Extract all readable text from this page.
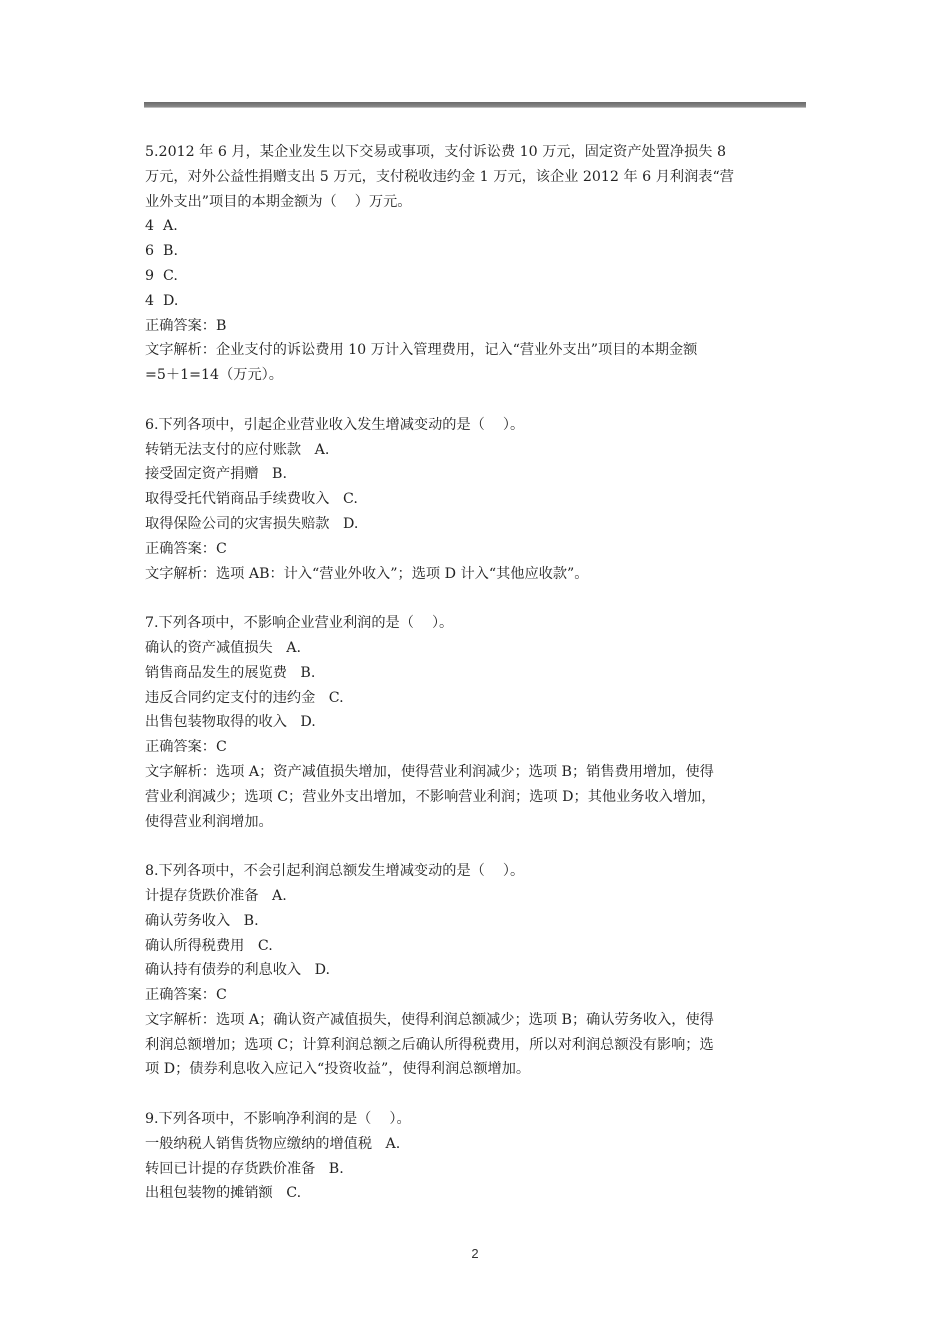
5.2012 年 6 月，某企业发生以下交易或事项，支付诉讼费 10 万元，固定资产处置净损失 8
万元，对外公益性捐赠支出 5 万元，支付税收违约金 1 万元，该企业 2012 年 6 月利润表“营
业外支出”项目的本期金额为（    ）万元。
4  A.
6  B.
9  C.
4  D.
正确答案：B
文字解析：企业支付的诉讼费用 10 万计入管理费用，记入“营业外支出”项目的本期金额
=5＋1=14（万元）。
6.下列各项中，引起企业营业收入发生增减变动的是（    ）。
转销无法支付的应付账款   A.
接受固定资产捐赠   B.
取得受托代销商品手续费收入   C.
取得保险公司的灾害损失赔款   D.
正确答案：C
文字解析：选项 AB：计入“营业外收入”；选项 D 计入“其他应收款”。
7.下列各项中，不影响企业营业利润的是（    ）。
确认的资产减值损失   A.
销售商品发生的展览费   B.
违反合同约定支付的违约金   C.
出售包装物取得的收入   D.
正确答案：C
文字解析：选项 A；资产减值损失增加，使得营业利润减少；选项 B；销售费用增加，使得
营业利润减少；选项 C；营业外支出增加，不影响营业利润；选项 D；其他业务收入增加，
使得营业利润增加。
8.下列各项中，不会引起利润总额发生增减变动的是（    ）。
计提存货跌价准备   A.
确认劳务收入   B.
确认所得税费用   C.
确认持有债券的利息收入   D.
正确答案：C
文字解析：选项 A；确认资产减值损失，使得利润总额减少；选项 B；确认劳务收入，使得
利润总额增加；选项 C；计算利润总额之后确认所得税费用，所以对利润总额没有影响；选
项 D；债券利息收入应记入“投资收益”，使得利润总额增加。
9.下列各项中，不影响净利润的是（    ）。
一般纳税人销售货物应缴纳的增值税   A.
转回已计提的存货跌价准备   B.
出租包装物的摊销额   C.
2
